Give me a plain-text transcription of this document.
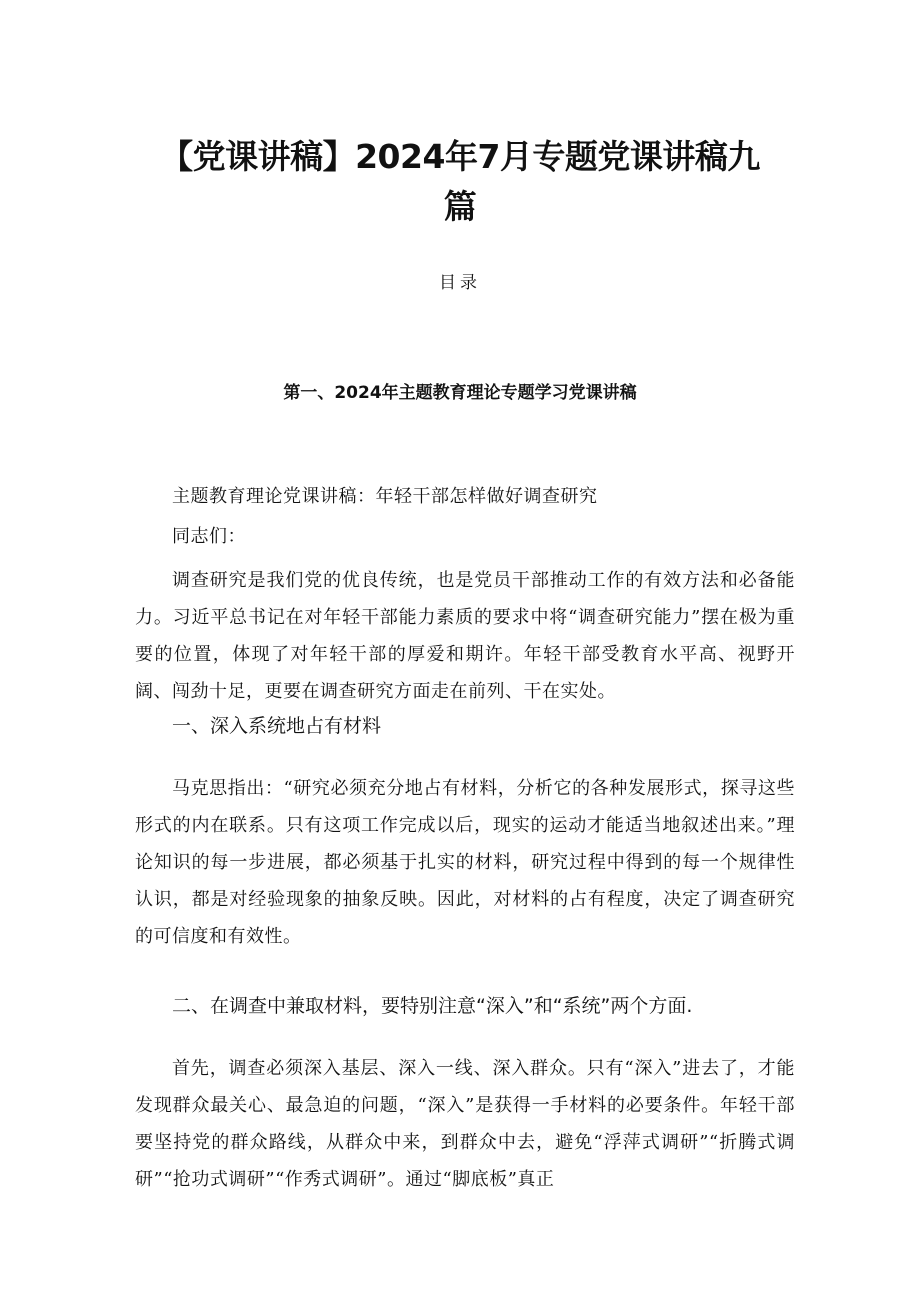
【党课讲稿】2024年7月专题党课讲稿九
篇
目录
第一、2024年主题教育理论专题学习党课讲稿
主题教育理论党课讲稿：年轻干部怎样做好调查研究
同志们：

调查研究是我们党的优良传统，也是党员干部推动工作的有效方法和必备能力。习近平总书记在对年轻干部能力素质的要求中将“调查研究能力”摆在极为重要的位置，体现了对年轻干部的厚爱和期许。年轻干部受教育水平高、视野开阔、闯劲十足，更要在调查研究方面走在前列、干在实处。

一、深入系统地占有材料

马克思指出：“研究必须充分地占有材料，分析它的各种发展形式，探寻这些形式的内在联系。只有这项工作完成以后，现实的运动才能适当地叙述出来。”理论知识的每一步进展，都必须基于扎实的材料，研究过程中得到的每一个规律性认识，都是对经验现象的抽象反映。因此，对材料的占有程度，决定了调查研究的可信度和有效性。

二、在调查中兼取材料，要特别注意“深入”和“系统”两个方面.

首先，调查必须深入基层、深入一线、深入群众。只有“深入”进去了，才能发现群众最关心、最急迫的问题，“深入”是获得一手材料的必要条件。年轻干部要坚持党的群众路线，从群众中来，到群众中去，避免“浮萍式调研”“折腾式调研”“抢功式调研”“作秀式调研”。通过“脚底板”真正
